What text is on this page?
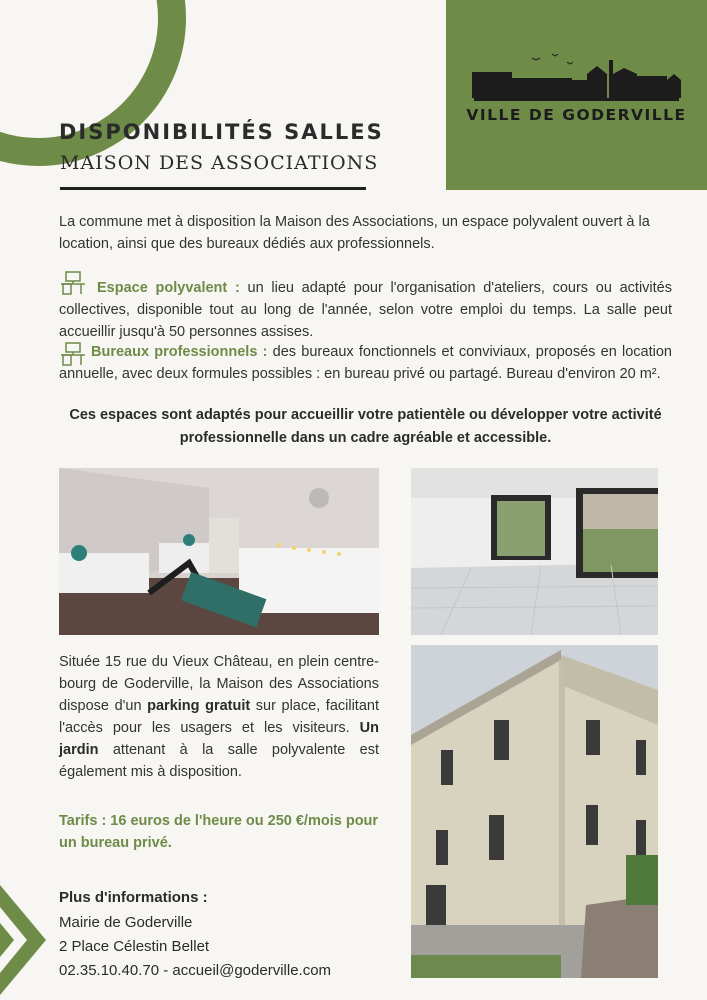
VILLE DE GODERVILLE
DISPONIBILITÉS SALLES
MAISON DES ASSOCIATIONS
La commune met à disposition la Maison des Associations, un espace polyvalent ouvert à la location, ainsi que des bureaux dédiés aux professionnels.
Espace polyvalent : un lieu adapté pour l'organisation d'ateliers, cours ou activités collectives, disponible tout au long de l'année, selon votre emploi du temps. La salle peut accueillir jusqu'à 50 personnes assises.
Bureaux professionnels : des bureaux fonctionnels et conviviaux, proposés en location annuelle, avec deux formules possibles : en bureau privé ou partagé. Bureau d'environ 20 m².
Ces espaces sont adaptés pour accueillir votre patientèle ou développer votre activité professionnelle dans un cadre agréable et accessible.
Située 15 rue du Vieux Château, en plein centre-bourg de Goderville, la Maison des Associations dispose d'un parking gratuit sur place, facilitant l'accès pour les usagers et les visiteurs. Un jardin attenant à la salle polyvalente est également mis à disposition.
Tarifs : 16 euros de l'heure ou 250 €/mois pour un bureau privé.
Plus d'informations :
Mairie de Goderville
2 Place Célestin Bellet
02.35.10.40.70 - accueil@goderville.com
